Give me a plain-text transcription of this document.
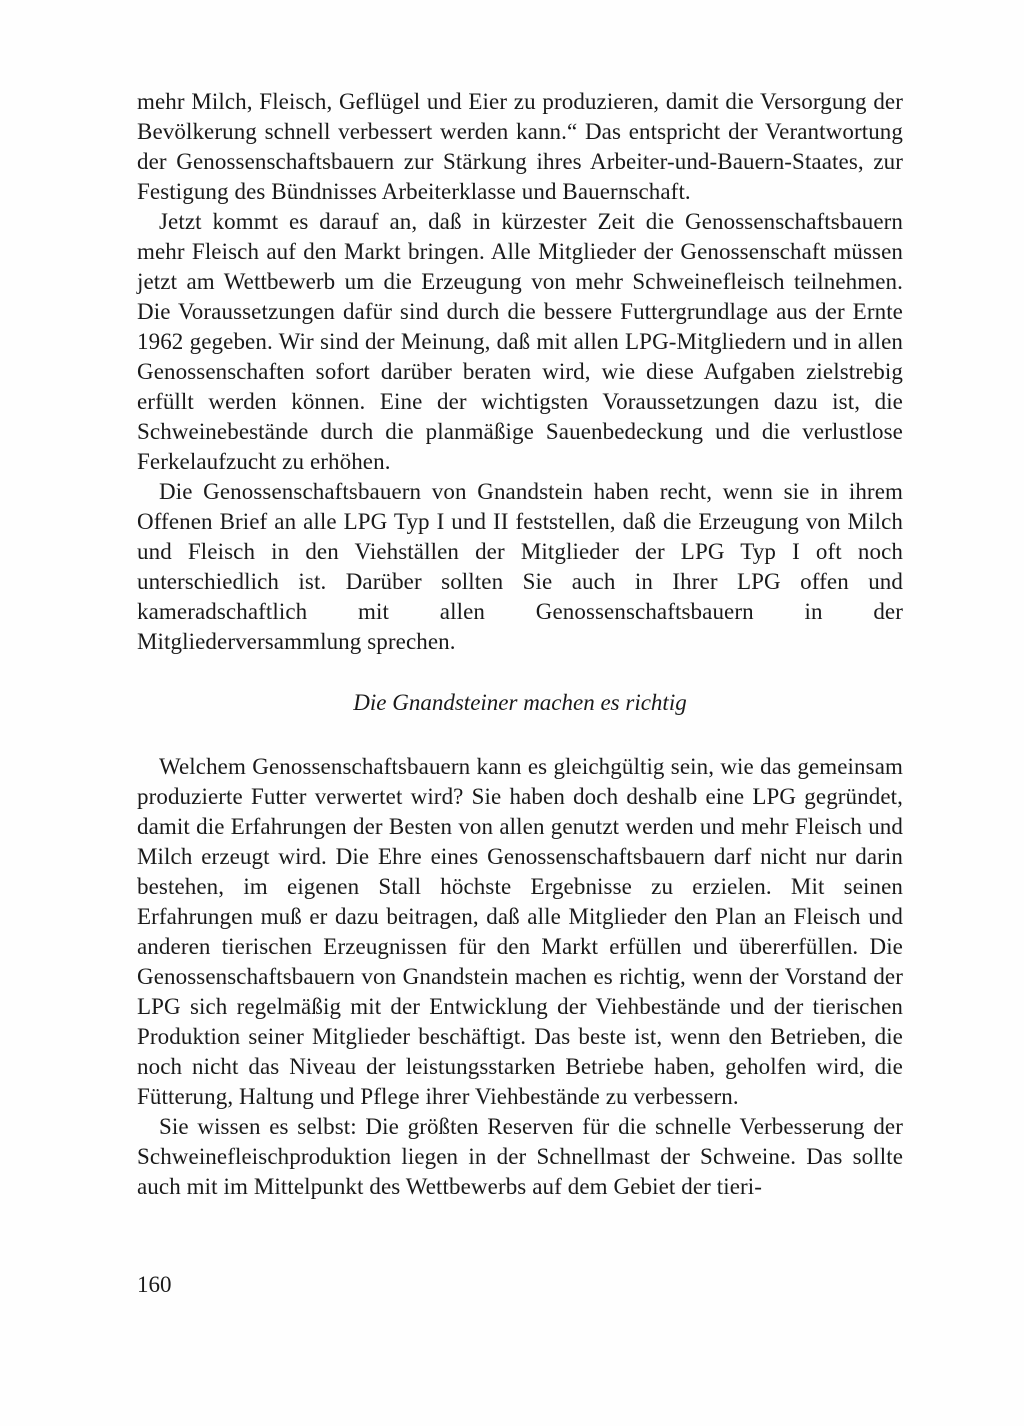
mehr Milch, Fleisch, Geflügel und Eier zu produzieren, damit die Versorgung der Bevölkerung schnell verbessert werden kann.“ Das entspricht der Verantwortung der Genossenschaftsbauern zur Stärkung ihres Arbeiter-und-Bauern-Staates, zur Festigung des Bündnisses Arbeiterklasse und Bauernschaft.

Jetzt kommt es darauf an, daß in kürzester Zeit die Genossenschaftsbauern mehr Fleisch auf den Markt bringen. Alle Mitglieder der Genossenschaft müssen jetzt am Wettbewerb um die Erzeugung von mehr Schweinefleisch teilnehmen. Die Voraussetzungen dafür sind durch die bessere Futtergrundlage aus der Ernte 1962 gegeben. Wir sind der Meinung, daß mit allen LPG-Mitgliedern und in allen Genossenschaften sofort darüber beraten wird, wie diese Aufgaben zielstrebig erfüllt werden können. Eine der wichtigsten Voraussetzungen dazu ist, die Schweinebestände durch die planmäßige Sauenbedeckung und die verlustlose Ferkelaufzucht zu erhöhen.

Die Genossenschaftsbauern von Gnandstein haben recht, wenn sie in ihrem Offenen Brief an alle LPG Typ I und II feststellen, daß die Erzeugung von Milch und Fleisch in den Viehställen der Mitglieder der LPG Typ I oft noch unterschiedlich ist. Darüber sollten Sie auch in Ihrer LPG offen und kameradschaftlich mit allen Genossenschaftsbauern in der Mitgliederversammlung sprechen.

Die Gnandsteiner machen es richtig

Welchem Genossenschaftsbauern kann es gleichgültig sein, wie das gemeinsam produzierte Futter verwertet wird? Sie haben doch deshalb eine LPG gegründet, damit die Erfahrungen der Besten von allen genutzt werden und mehr Fleisch und Milch erzeugt wird. Die Ehre eines Genossenschaftsbauern darf nicht nur darin bestehen, im eigenen Stall höchste Ergebnisse zu erzielen. Mit seinen Erfahrungen muß er dazu beitragen, daß alle Mitglieder den Plan an Fleisch und anderen tierischen Erzeugnissen für den Markt erfüllen und übererfüllen. Die Genossenschaftsbauern von Gnandstein machen es richtig, wenn der Vorstand der LPG sich regelmäßig mit der Entwicklung der Viehbestände und der tierischen Produktion seiner Mitglieder beschäftigt. Das beste ist, wenn den Betrieben, die noch nicht das Niveau der leistungsstarken Betriebe haben, geholfen wird, die Fütterung, Haltung und Pflege ihrer Viehbestände zu verbessern.

Sie wissen es selbst: Die größten Reserven für die schnelle Verbesserung der Schweinefleischproduktion liegen in der Schnellmast der Schweine. Das sollte auch mit im Mittelpunkt des Wettbewerbs auf dem Gebiet der tieri-

160
